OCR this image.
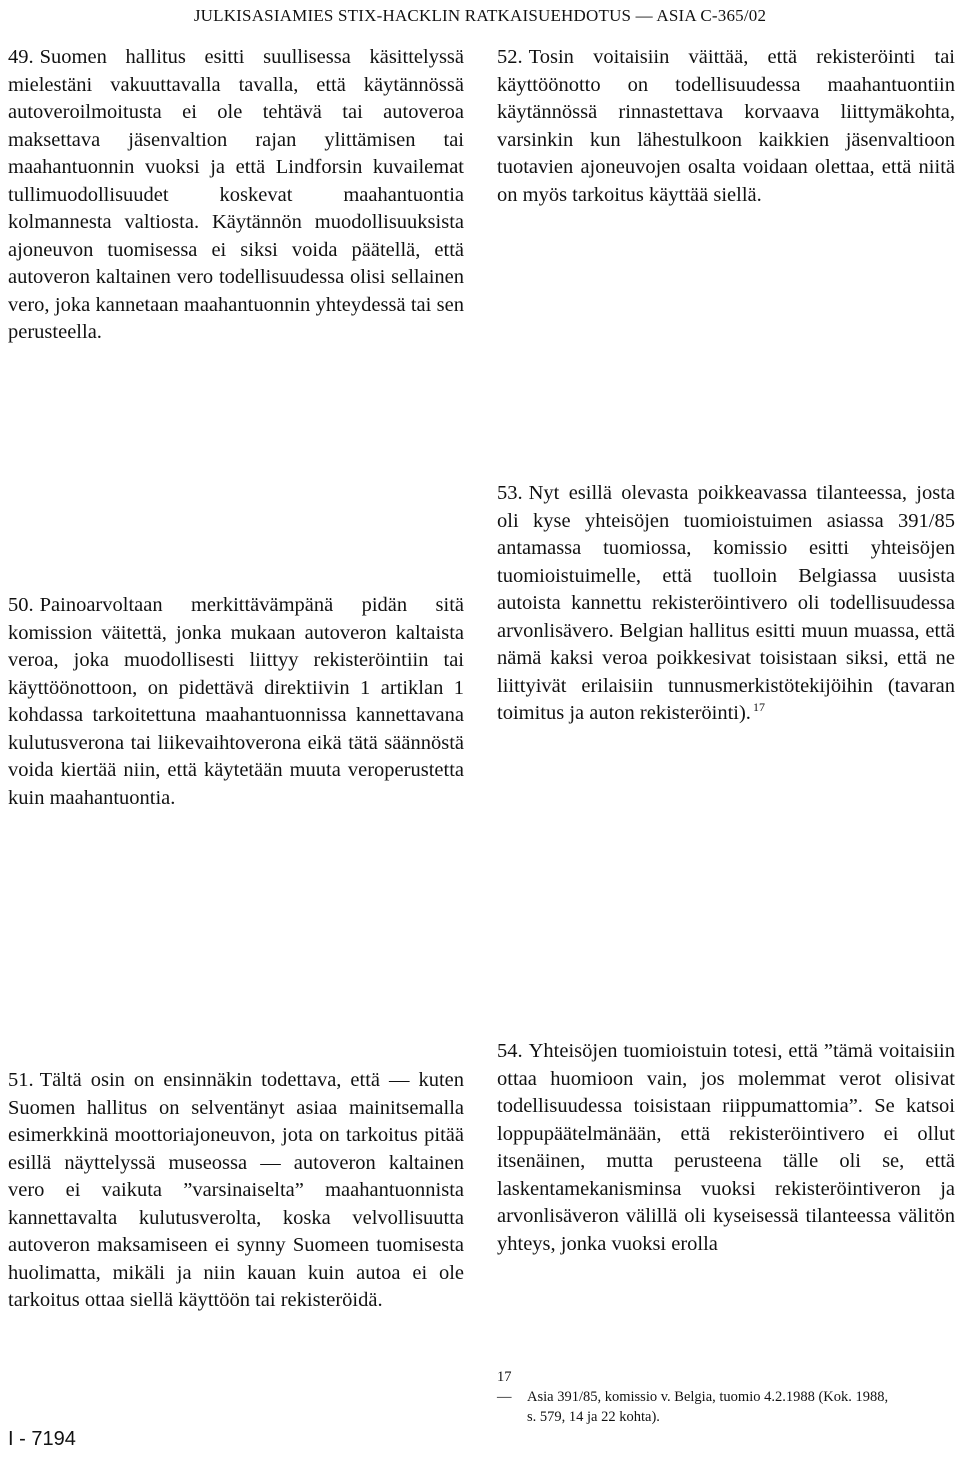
JULKISASIAMIES STIX-HACKLIN RATKAISUEHDOTUS — ASIA C-365/02

49. Suomen hallitus esitti suullisessa käsittelyssä mielestäni vakuuttavalla tavalla, että käytännössä autoveroilmoitusta ei ole tehtävä tai autoveroa maksettava jäsenvaltion rajan ylittämisen tai maahantuonnin vuoksi ja että Lindforsin kuvailemat tullimuodollisuudet koskevat maahantuontia kolmannesta valtiosta. Käytännön muodollisuuksista ajoneuvon tuomisessa ei siksi voida päätellä, että autoveron kaltainen vero todellisuudessa olisi sellainen vero, joka kannetaan maahantuonnin yhteydessä tai sen perusteella.

52. Tosin voitaisiin väittää, että rekisteröinti tai käyttöönotto on todellisuudessa maahantuontiin käytännössä rinnastettava korvaava liittymäkohta, varsinkin kun lähestulkoon kaikkien jäsenvaltioon tuotavien ajoneuvojen osalta voidaan olettaa, että niitä on myös tarkoitus käyttää siellä.

50. Painoarvoltaan merkittävämpänä pidän sitä komission väitettä, jonka mukaan autoveron kaltaista veroa, joka muodollisesti liittyy rekisteröintiin tai käyttöönottoon, on pidettävä direktiivin 1 artiklan 1 kohdassa tarkoitettuna maahantuonnissa kannettavana kulutusverona tai liikevaihtoverona eikä tätä säännöstä voida kiertää niin, että käytetään muuta veroperustetta kuin maahantuontia.

53. Nyt esillä olevasta poikkeavassa tilanteessa, josta oli kyse yhteisöjen tuomioistuimen asiassa 391/85 antamassa tuomiossa, komissio esitti yhteisöjen tuomioistuimelle, että tuolloin Belgiassa uusista autoista kannettu rekisteröintivero oli todellisuudessa arvonlisävero. Belgian hallitus esitti muun muassa, että nämä kaksi veroa poikkesivat toisistaan siksi, että ne liittyivät erilaisiin tunnusmerkistötekijöihin (tavaran toimitus ja auton rekisteröinti). $^{17}$

51. Tältä osin on ensinnäkin todettava, että — kuten Suomen hallitus on selventänyt asiaa mainitsemalla esimerkkinä moottoriajoneuvon, jota on tarkoitus pitää esillä näyttelyssä museossa — autoveron kaltainen vero ei vaikuta ”varsinaiselta” maahantuonnista kannettavalta kulutusverolta, koska velvollisuutta autoveron maksamiseen ei synny Suomeen tuomisesta huolimatta, mikäli ja niin kauan kuin autoa ei ole tarkoitus ottaa siellä käyttöön tai rekisteröidä.

54. Yhteisöjen tuomioistuin totesi, että ”tämä voitaisiin ottaa huomioon vain, jos molemmat verot olisivat todellisuudessa toisistaan riippumattomia”. Se katsoi loppupäätelmänään, että rekisteröintivero ei ollut itsenäinen, mutta perusteena tälle oli se, että laskentamekanisminsa vuoksi rekisteröintiveron ja arvonlisäveron välillä oli kyseisessä tilanteessa välitön yhteys, jonka vuoksi erolla

17 — Asia 391/85, komissio v. Belgia, tuomio 4.2.1988 (Kok. 1988,
s. 579, 14 ja 22 kohta).
I - 7194
